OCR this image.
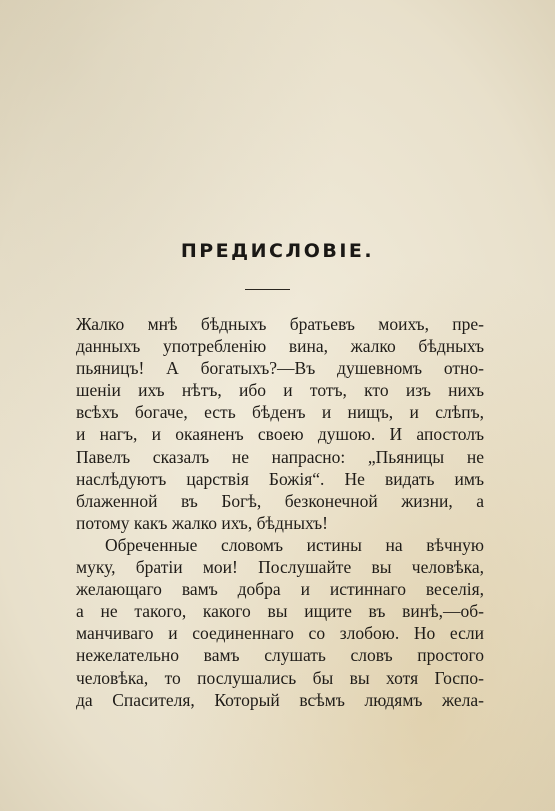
ПРЕДИСЛОВІЕ.
Жалко мнѣ бѣдныхъ братьевъ моихъ, пре-
данныхъ употребленію вина, жалко бѣдныхъ
пьяницъ! А богатыхъ?—Въ душевномъ отно-
шеніи ихъ нѣтъ, ибо и тотъ, кто изъ нихъ
всѣхъ богаче, есть бѣденъ и нищъ, и слѣпъ,
и нагъ, и окаяненъ своею душою. И апостолъ
Павелъ сказалъ не напрасно: „Пьяницы не
наслѣдуютъ царствія Божія“. Не видать имъ
блаженной въ Богѣ, безконечной жизни, а
потому какъ жалко ихъ, бѣдныхъ!
Обреченные словомъ истины на вѣчную
муку, братіи мои! Послушайте вы человѣка,
желающаго вамъ добра и истиннаго веселія,
а не такого, какого вы ищите въ винѣ,—об-
манчиваго и соединеннаго со злобою. Но если
нежелательно вамъ слушать словъ простого
человѣка, то послушались бы вы хотя Госпо-
да Спасителя, Который всѣмъ людямъ жела-
